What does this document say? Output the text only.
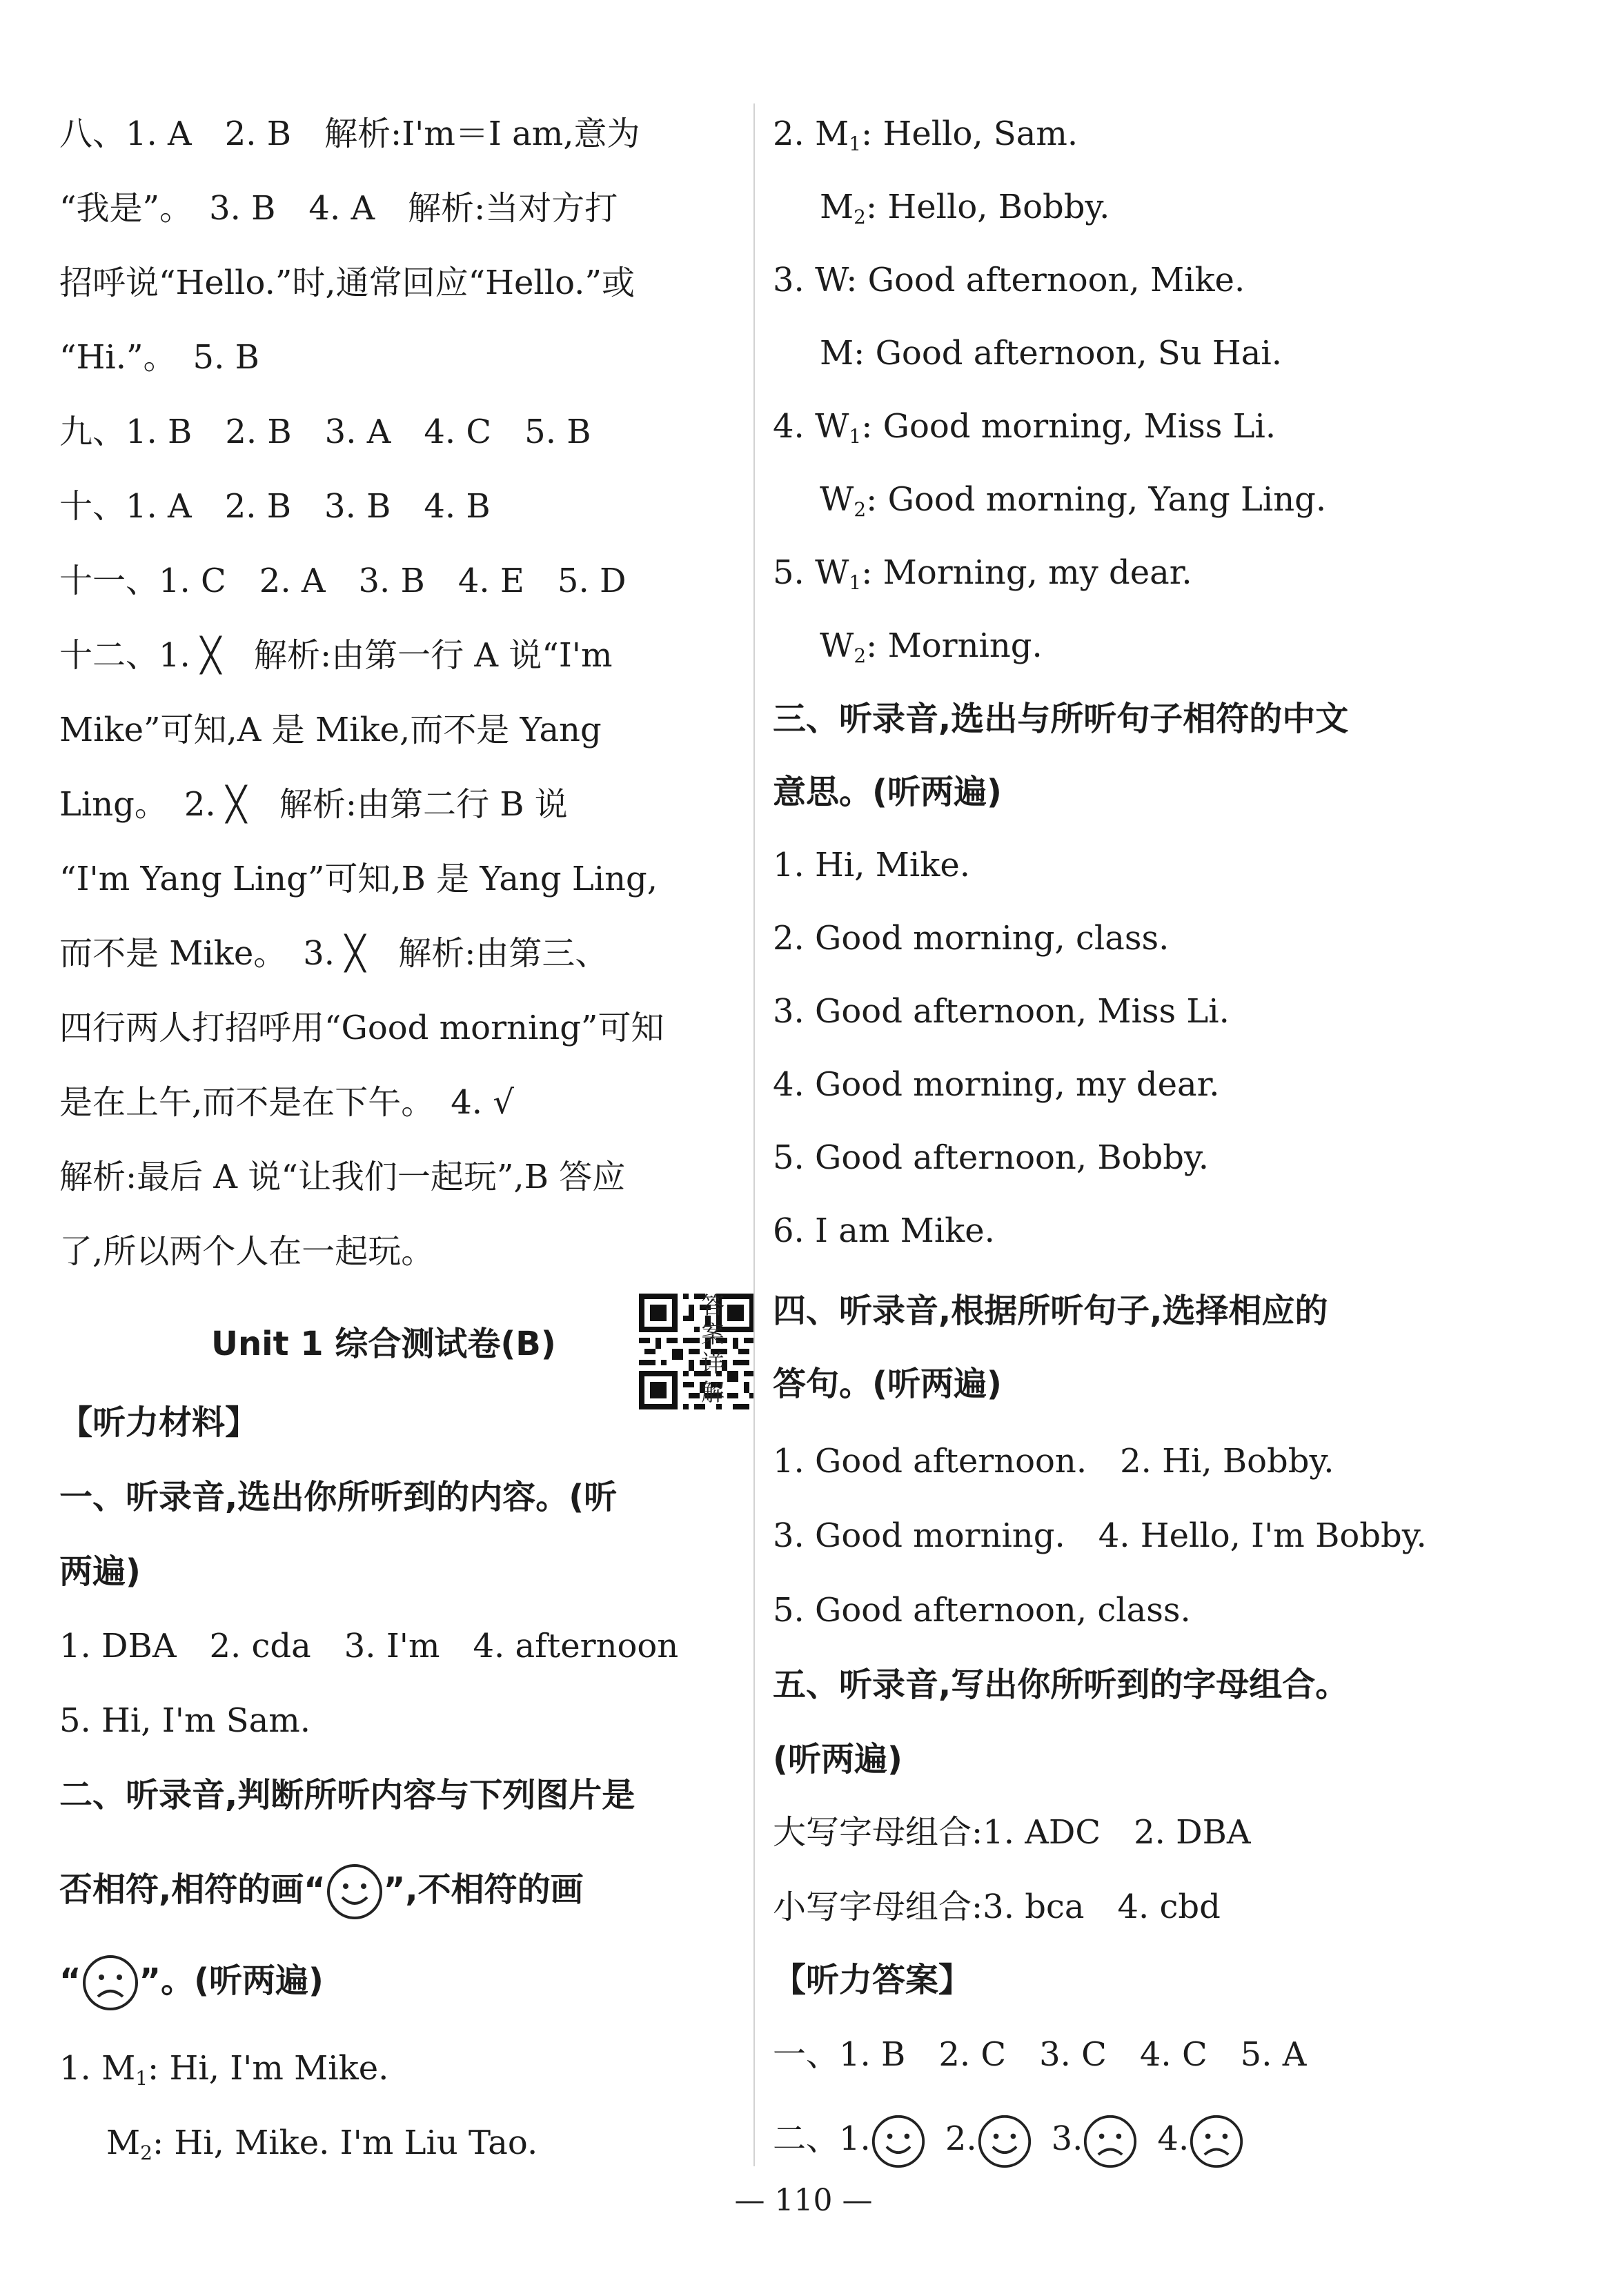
八、1. A　2. B　解析:I'm＝I am,意为
“我是”。　3. B　4. A　解析:当对方打
招呼说“Hello.”时,通常回应“Hello.”或
“Hi.”。　5. B
九、1. B　2. B　3. A　4. C　5. B
十、1. A　2. B　3. B　4. B
十一、1. C　2. A　3. B　4. E　5. D
十二、1. ╳　解析:由第一行 A 说“I'm
Mike”可知,A 是 Mike,而不是 Yang
Ling。　2. ╳　解析:由第二行 B 说
“I'm Yang Ling”可知,B 是 Yang Ling,
而不是 Mike。　3. ╳　解析:由第三、
四行两人打招呼用“Good morning”可知
是在上午,而不是在下午。　4. √
解析:最后 A 说“让我们一起玩”,B 答应
了,所以两个人在一起玩。
Unit 1 综合测试卷(B)
答案详解
【听力材料】
一、听录音,选出你所听到的内容。(听
两遍)
1. DBA　2. cda　3. I'm　4. afternoon
5. Hi, I'm Sam.
二、听录音,判断所听内容与下列图片是
否相符,相符的画“ ”,不相符的画
“ ”。(听两遍)
1. $M_1$: Hi, I'm Mike.
$M_2$: Hi, Mike. I'm Liu Tao.
2. $M_1$: Hello, Sam.
$M_2$: Hello, Bobby.
3. W: Good afternoon, Mike.
M: Good afternoon, Su Hai.
4. $W_1$: Good morning, Miss Li.
$W_2$: Good morning, Yang Ling.
5. $W_1$: Morning, my dear.
$W_2$: Morning.
三、听录音,选出与所听句子相符的中文
意思。(听两遍)
1. Hi, Mike.
2. Good morning, class.
3. Good afternoon, Miss Li.
4. Good morning, my dear.
5. Good afternoon, Bobby.
6. I am Mike.
四、听录音,根据所听句子,选择相应的
答句。(听两遍)
1. Good afternoon.　2. Hi, Bobby.
3. Good morning.　4. Hello, I'm Bobby.
5. Good afternoon, class.
五、听录音,写出你所听到的字母组合。
(听两遍)
大写字母组合:1. ADC　2. DBA
小写字母组合:3. bca　4. cbd
【听力答案】
一、1. B　2. C　3. C　4. C　5. A
二、1. 2. 3. 4.
— 110 —
